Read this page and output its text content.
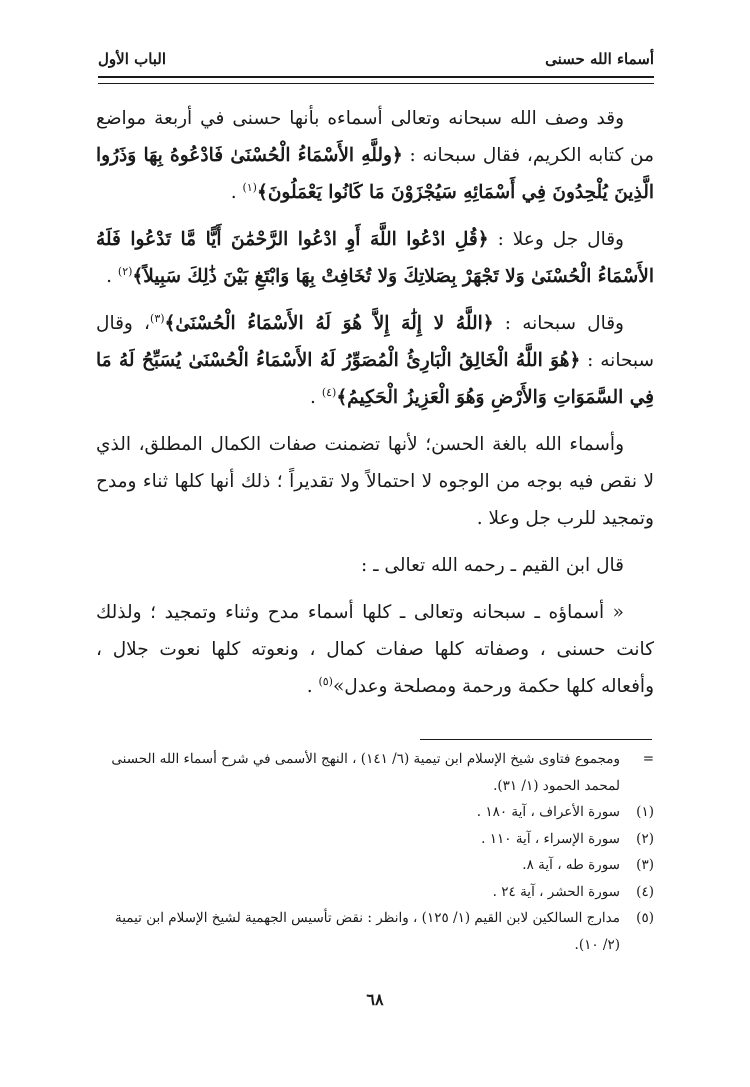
أسماء الله حسنى
الباب الأول

وقد وصف الله سبحانه وتعالى أسماءه بأنها حسنى في أربعة مواضع من كتابه الكريم، فقال سبحانه : ﴿وللَّهِ الأَسْمَاءُ الْحُسْنَىٰ فَادْعُوهُ بِهَا وَذَرُوا الَّذِينَ يُلْحِدُونَ فِي أَسْمَائِهِ سَيُجْزَوْنَ مَا كَانُوا يَعْمَلُونَ﴾$^{(١)}$ .

وقال جل وعلا : ﴿قُلِ ادْعُوا اللَّهَ أَوِ ادْعُوا الرَّحْمَٰنَ أَيًّا مَّا تَدْعُوا فَلَهُ الأَسْمَاءُ الْحُسْنَىٰ وَلا تَجْهَرْ بِصَلاتِكَ وَلا تُخَافِتْ بِهَا وَابْتَغِ بَيْنَ ذَٰلِكَ سَبِيلاً﴾$^{(٢)}$ .

وقال سبحانه : ﴿اللَّهُ لا إِلَٰهَ إِلاَّ هُوَ لَهُ الأَسْمَاءُ الْحُسْنَىٰ﴾$^{(٣)}$، وقال سبحانه : ﴿هُوَ اللَّهُ الْخَالِقُ الْبَارِئُ الْمُصَوِّرُ لَهُ الأَسْمَاءُ الْحُسْنَىٰ يُسَبِّحُ لَهُ مَا فِي السَّمَوَاتِ وَالأَرْضِ وَهُوَ الْعَزِيزُ الْحَكِيمُ﴾$^{(٤)}$ .

وأسماء الله بالغة الحسن؛ لأنها تضمنت صفات الكمال المطلق، الذي لا نقص فيه بوجه من الوجوه لا احتمالاً ولا تقديراً ؛ ذلك أنها كلها ثناء ومدح وتمجيد للرب جل وعلا .

قال ابن القيم ـ رحمه الله تعالى ـ :

« أسماؤه ـ سبحانه وتعالى ـ كلها أسماء مدح وثناء وتمجيد ؛ ولذلك كانت حسنى ، وصفاته كلها صفات كمال ، ونعوته كلها نعوت جلال ، وأفعاله كلها حكمة ورحمة ومصلحة وعدل»$^{(٥)}$ .

=
ومجموع فتاوى شيخ الإسلام ابن تيمية (٦/ ١٤١) ، النهج الأسمى في شرح أسماء الله الحسنى لمحمد الحمود (١/ ٣١).
(١)
سورة الأعراف ، آية ١٨٠ .
(٢)
سورة الإسراء ، آية ١١٠ .
(٣)
سورة طه ، آية ٨.
(٤)
سورة الحشر ، آية ٢٤ .
(٥)
مدارج السالكين لابن القيم (١/ ١٢٥) ، وانظر : نقض تأسيس الجهمية لشيخ الإسلام ابن تيمية (٢/ ١٠).
٦٨
